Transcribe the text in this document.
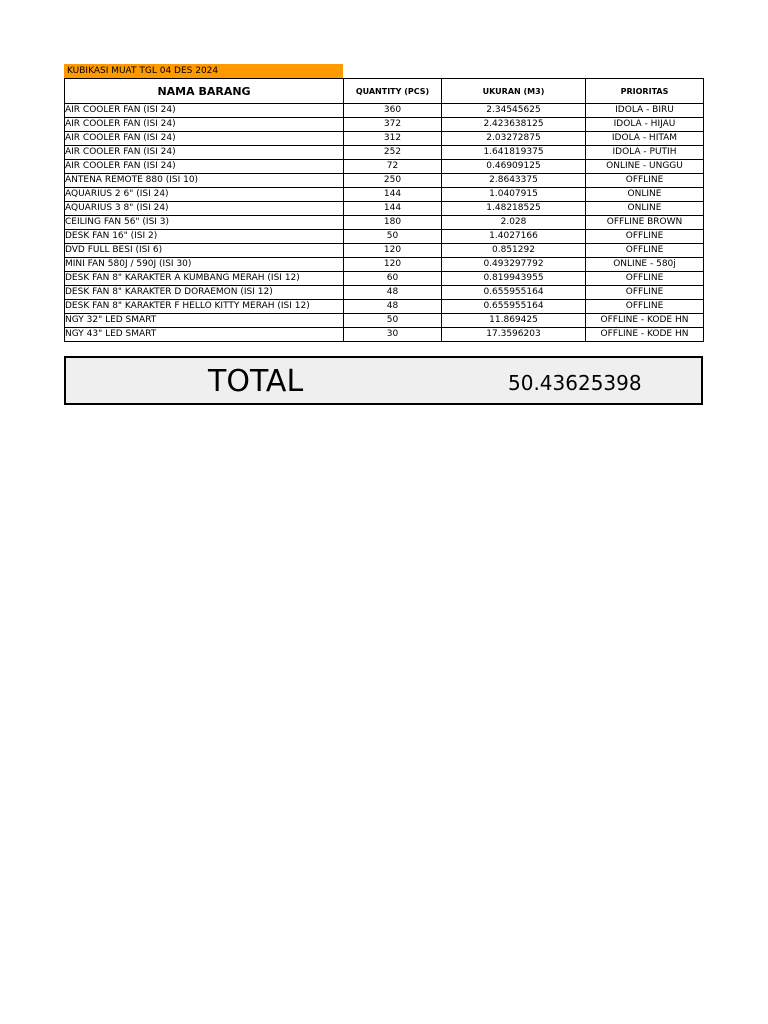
KUBIKASI MUAT TGL 04 DES 2024
NAMA BARANG	QUANTITY (PCS)	UKURAN (M3)	PRIORITAS
AIR COOLER FAN (ISI 24)	360	2.34545625	IDOLA - BIRU
AIR COOLER FAN (ISI 24)	372	2.423638125	IDOLA - HIJAU
AIR COOLER FAN (ISI 24)	312	2.03272875	IDOLA - HITAM
AIR COOLER FAN (ISI 24)	252	1.641819375	IDOLA - PUTIH
AIR COOLER FAN (ISI 24)	72	0.46909125	ONLINE - UNGGU
ANTENA REMOTE 880 (ISI 10)	250	2.8643375	OFFLINE
AQUARIUS 2 6" (ISI 24)	144	1.0407915	ONLINE
AQUARIUS 3 8" (ISI 24)	144	1.48218525	ONLINE
CEILING FAN 56" (ISI 3)	180	2.028	OFFLINE BROWN
DESK FAN 16" (ISI 2)	50	1.4027166	OFFLINE
DVD FULL BESI (ISI 6)	120	0.851292	OFFLINE
MINI FAN 580J / 590J (ISI 30)	120	0.493297792	ONLINE - 580j
DESK FAN 8" KARAKTER A KUMBANG MERAH (ISI 12)	60	0.819943955	OFFLINE
DESK FAN 8" KARAKTER D DORAEMON (ISI 12)	48	0.655955164	OFFLINE
DESK FAN 8" KARAKTER F HELLO KITTY MERAH (ISI 12)	48	0.655955164	OFFLINE
NGY 32" LED SMART	50	11.869425	OFFLINE - KODE HN
NGY 43" LED SMART	30	17.3596203	OFFLINE - KODE HN
TOTAL	50.43625398
